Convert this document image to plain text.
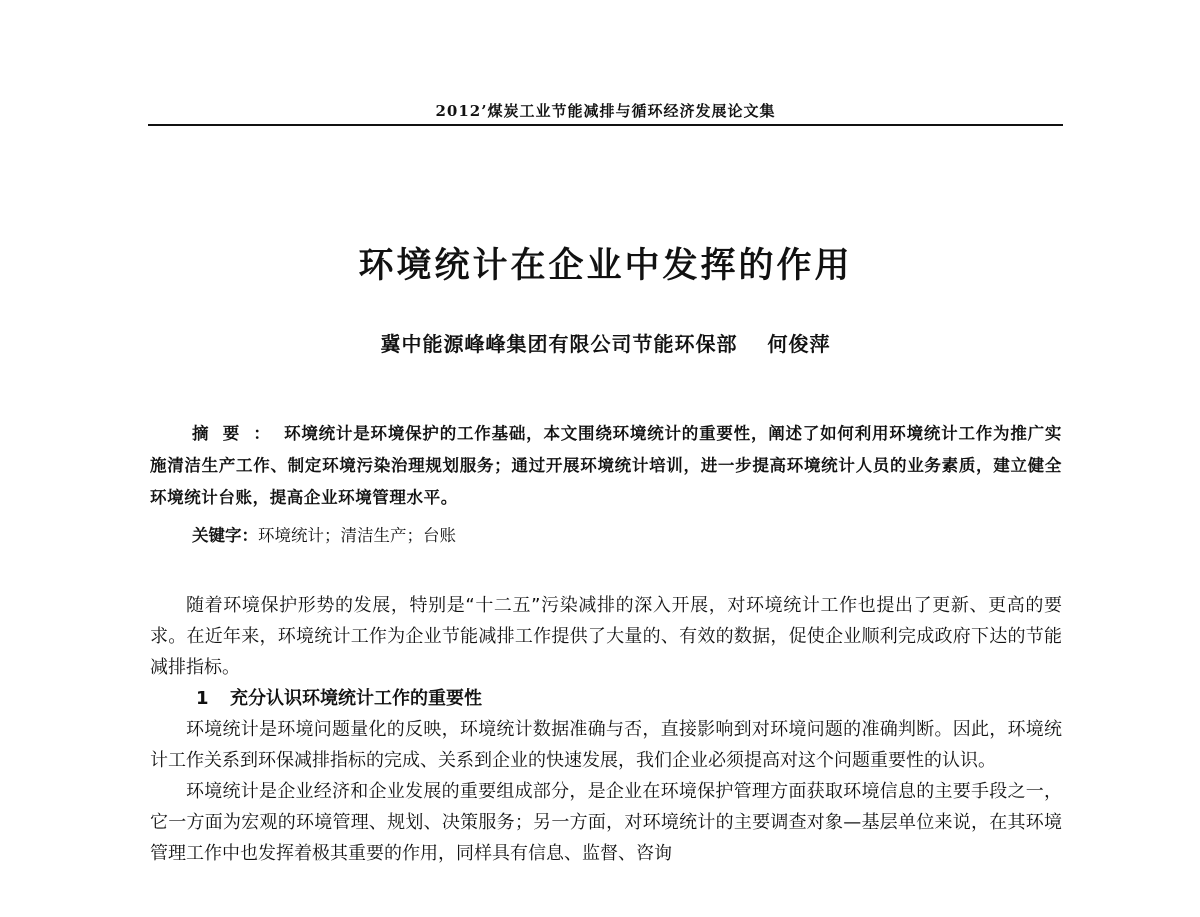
2012’煤炭工业节能减排与循环经济发展论文集
环境统计在企业中发挥的作用
冀中能源峰峰集团有限公司节能环保部 何俊萍
摘要：环境统计是环境保护的工作基础，本文围绕环境统计的重要性，阐述了如何利用环境统计工作为推广实施清洁生产工作、制定环境污染治理规划服务；通过开展环境统计培训，进一步提高环境统计人员的业务素质，建立健全环境统计台账，提高企业环境管理水平。
关键字：环境统计；清洁生产；台账

随着环境保护形势的发展，特别是“十二五”污染减排的深入开展，对环境统计工作也提出了更新、更高的要求。在近年来，环境统计工作为企业节能减排工作提供了大量的、有效的数据，促使企业顺利完成政府下达的节能减排指标。

1 充分认识环境统计工作的重要性

环境统计是环境问题量化的反映，环境统计数据准确与否，直接影响到对环境问题的准确判断。因此，环境统计工作关系到环保减排指标的完成、关系到企业的快速发展，我们企业必须提高对这个问题重要性的认识。

环境统计是企业经济和企业发展的重要组成部分，是企业在环境保护管理方面获取环境信息的主要手段之一，它一方面为宏观的环境管理、规划、决策服务；另一方面，对环境统计的主要调查对象—基层单位来说，在其环境管理工作中也发挥着极其重要的作用，同样具有信息、监督、咨询
